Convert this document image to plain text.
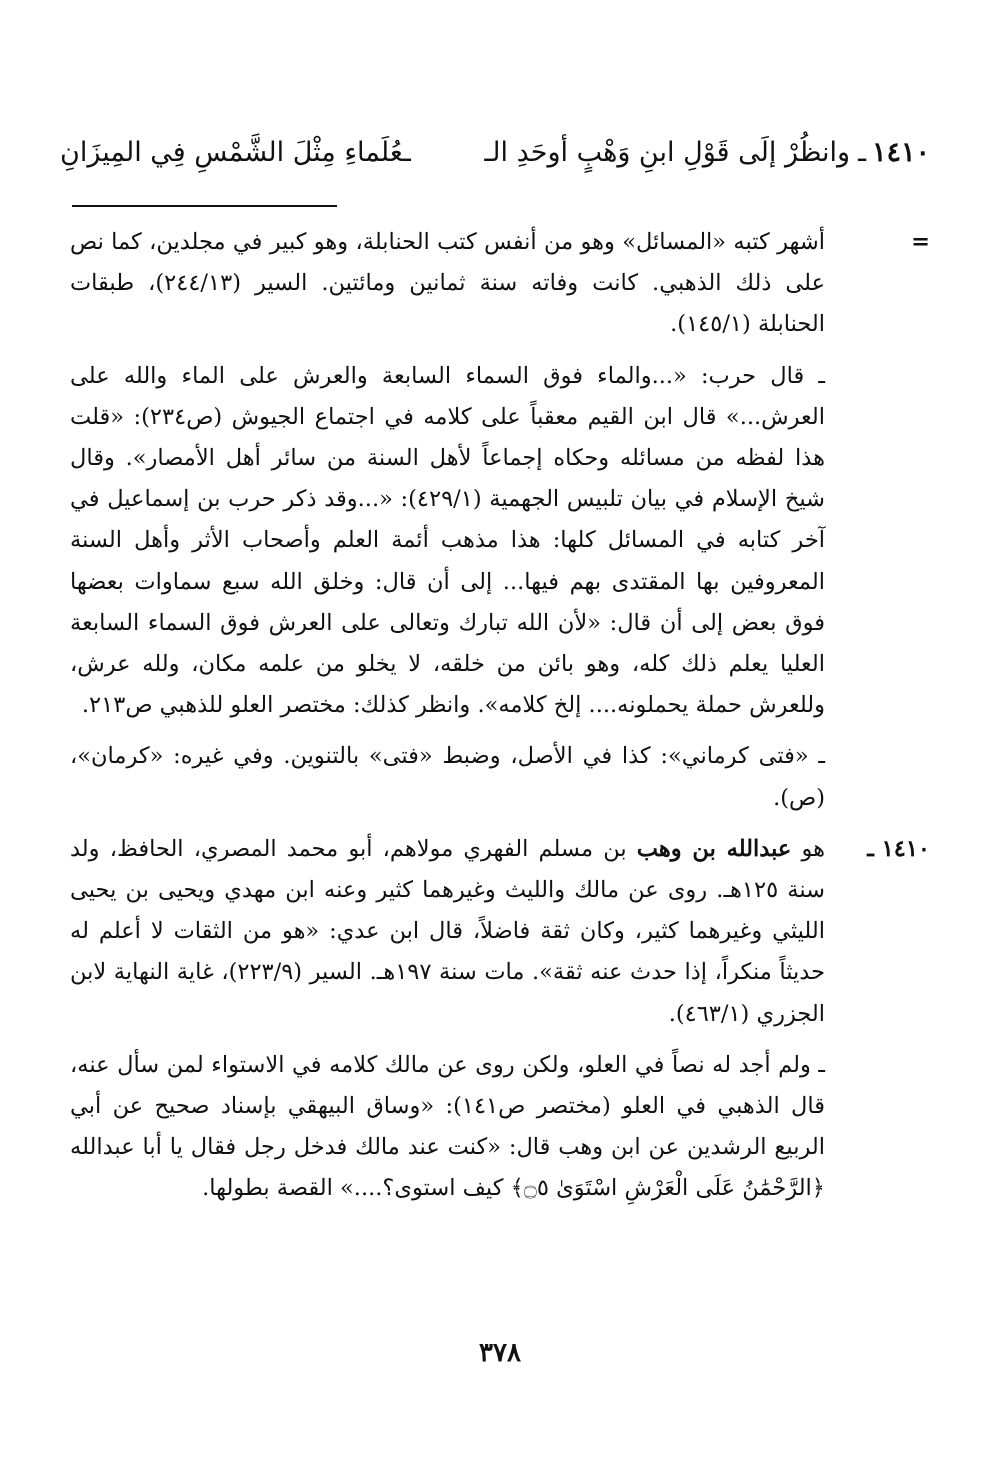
١٤١٠
ـ
وانظُرْ إلَى قَوْلِ ابنِ وَهْبٍ أوحَدِ الـ
ـعُلَماءِ مِثْلَ الشَّمْسِ فِي المِيزَانِ
=
أشهر كتبه «المسائل» وهو من أنفس كتب الحنابلة، وهو كبير في مجلدين، كما نص على ذلك الذهبي. كانت وفاته سنة ثمانين ومائتين. السير (٢٤٤/١٣)، طبقات الحنابلة (١٤٥/١).
ـ قال حرب: «...والماء فوق السماء السابعة والعرش على الماء والله على العرش...» قال ابن القيم معقباً على كلامه في اجتماع الجيوش (ص٢٣٤): «قلت هذا لفظه من مسائله وحكاه إجماعاً لأهل السنة من سائر أهل الأمصار». وقال شيخ الإسلام في بيان تلبيس الجهمية (٤٢٩/١): «...وقد ذكر حرب بن إسماعيل في آخر كتابه في المسائل كلها: هذا مذهب أئمة العلم وأصحاب الأثر وأهل السنة المعروفين بها المقتدى بهم فيها... إلى أن قال: وخلق الله سبع سماوات بعضها فوق بعض إلى أن قال: «لأن الله تبارك وتعالى على العرش فوق السماء السابعة العليا يعلم ذلك كله، وهو بائن من خلقه، لا يخلو من علمه مكان، ولله عرش، وللعرش حملة يحملونه.... إلخ كلامه». وانظر كذلك: مختصر العلو للذهبي ص٢١٣.
ـ «فتى كرماني»: كذا في الأصل، وضبط «فتى» بالتنوين. وفي غيره: «كرمان»، (ص).
١٤١٠ ـ
هو عبدالله بن وهب بن مسلم الفهري مولاهم، أبو محمد المصري، الحافظ، ولد سنة ١٢٥هـ. روى عن مالك والليث وغيرهما كثير وعنه ابن مهدي ويحيى بن يحيى الليثي وغيرهما كثير، وكان ثقة فاضلاً، قال ابن عدي: «هو من الثقات لا أعلم له حديثاً منكراً، إذا حدث عنه ثقة». مات سنة ١٩٧هـ. السير (٢٢٣/٩)، غاية النهاية لابن الجزري (٤٦٣/١).
ـ ولم أجد له نصاً في العلو، ولكن روى عن مالك كلامه في الاستواء لمن سأل عنه، قال الذهبي في العلو (مختصر ص١٤١): «وساق البيهقي بإسناد صحيح عن أبي الربيع الرشدين عن ابن وهب قال: «كنت عند مالك فدخل رجل فقال يا أبا عبدالله ﴿الرَّحْمَٰنُ عَلَى الْعَرْشِ اسْتَوَىٰ ۝٥﴾ كيف استوى؟....» القصة بطولها.
٣٧٨
